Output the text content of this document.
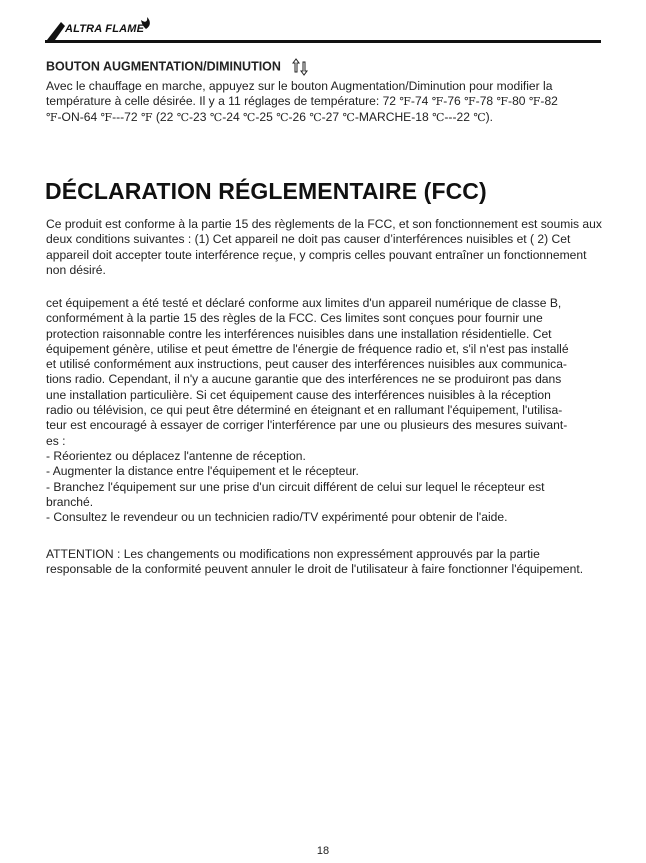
ALTRA FLAME
BOUTON AUGMENTATION/DIMINUTION

Avec le chauffage en marche, appuyez sur le bouton Augmentation/Diminution pour modifier la température à celle désirée. Il y a 11 réglages de température: 72 ℉-74 ℉-76 ℉-78 ℉-80 ℉-82
℉-ON-64 ℉---72 ℉ (22 ℃-23 ℃-24 ℃-25 ℃-26 ℃-27 ℃-MARCHE-18 ℃---22 ℃).

DÉCLARATION RÉGLEMENTAIRE (FCC)

Ce produit est conforme à la partie 15 des règlements de la FCC, et son fonctionnement est soumis aux deux conditions suivantes : (1) Cet appareil ne doit pas causer d’interférences nuisibles et ( 2) Cet appareil doit accepter toute interférence reçue, y compris celles pouvant entraîner un fonctionnement non désiré.

cet équipement a été testé et déclaré conforme aux limites d'un appareil numérique de classe B,
conformément à la partie 15 des règles de la FCC. Ces limites sont conçues pour fournir une
protection raisonnable contre les interférences nuisibles dans une installation résidentielle. Cet
équipement génère, utilise et peut émettre de l'énergie de fréquence radio et, s'il n'est pas installé
et utilisé conformément aux instructions, peut causer des interférences nuisibles aux communica-
tions radio. Cependant, il n'y a aucune garantie que des interférences ne se produiront pas dans
une installation particulière. Si cet équipement cause des interférences nuisibles à la réception
radio ou télévision, ce qui peut être déterminé en éteignant et en rallumant l'équipement, l'utilisa-
teur est encouragé à essayer de corriger l'interférence par une ou plusieurs des mesures suivant-
es :
- Réorientez ou déplacez l'antenne de réception.
- Augmenter la distance entre l'équipement et le récepteur.
- Branchez l'équipement sur une prise d'un circuit différent de celui sur lequel le récepteur est
branché.
- Consultez le revendeur ou un technicien radio/TV expérimenté pour obtenir de l'aide.

ATTENTION : Les changements ou modifications non expressément approuvés par la partie responsable de la conformité peuvent annuler le droit de l'utilisateur à faire fonctionner l'équipement.

18
